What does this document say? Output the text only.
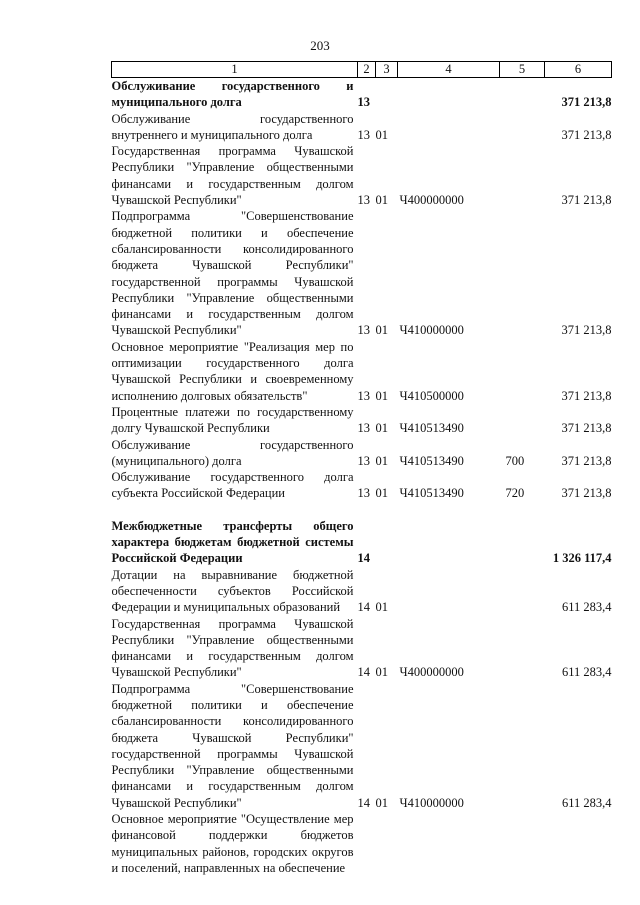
203
1	2	3	4	5	6
Обслуживание государственного и муниципального долга	13				371 213,8
Обслуживание государственного внутреннего и муниципального долга	13	01			371 213,8
Государственная программа Чувашской Республики "Управление общественными финансами и государственным долгом Чувашской Республики"	13	01	Ч400000000		371 213,8
Подпрограмма "Совершенствование бюджетной политики и обеспечение сбалансированности консолидированного бюджета Чувашской Республики" государственной программы Чувашской Республики "Управление общественными финансами и государственным долгом Чувашской Республики"	13	01	Ч410000000		371 213,8
Основное мероприятие "Реализация мер по оптимизации государственного долга Чувашской Республики и своевременному исполнению долговых обязательств"	13	01	Ч410500000		371 213,8
Процентные платежи по государственному долгу Чувашской Республики	13	01	Ч410513490		371 213,8
Обслуживание государственного (муниципального) долга	13	01	Ч410513490	700	371 213,8
Обслуживание государственного долга субъекта Российской Федерации	13	01	Ч410513490	720	371 213,8

Межбюджетные трансферты общего характера бюджетам бюджетной системы Российской Федерации	14				1 326 117,4
Дотации на выравнивание бюджетной обеспеченности субъектов Российской Федерации и муниципальных образований	14	01			611 283,4
Государственная программа Чувашской Республики "Управление общественными финансами и государственным долгом Чувашской Республики"	14	01	Ч400000000		611 283,4
Подпрограмма "Совершенствование бюджетной политики и обеспечение сбалансированности консолидированного бюджета Чувашской Республики" государственной программы Чувашской Республики "Управление общественными финансами и государственным долгом Чувашской Республики"	14	01	Ч410000000		611 283,4
Основное мероприятие "Осуществление мер финансовой поддержки бюджетов муниципальных районов, городских округов и поселений, направленных на обеспечение					
